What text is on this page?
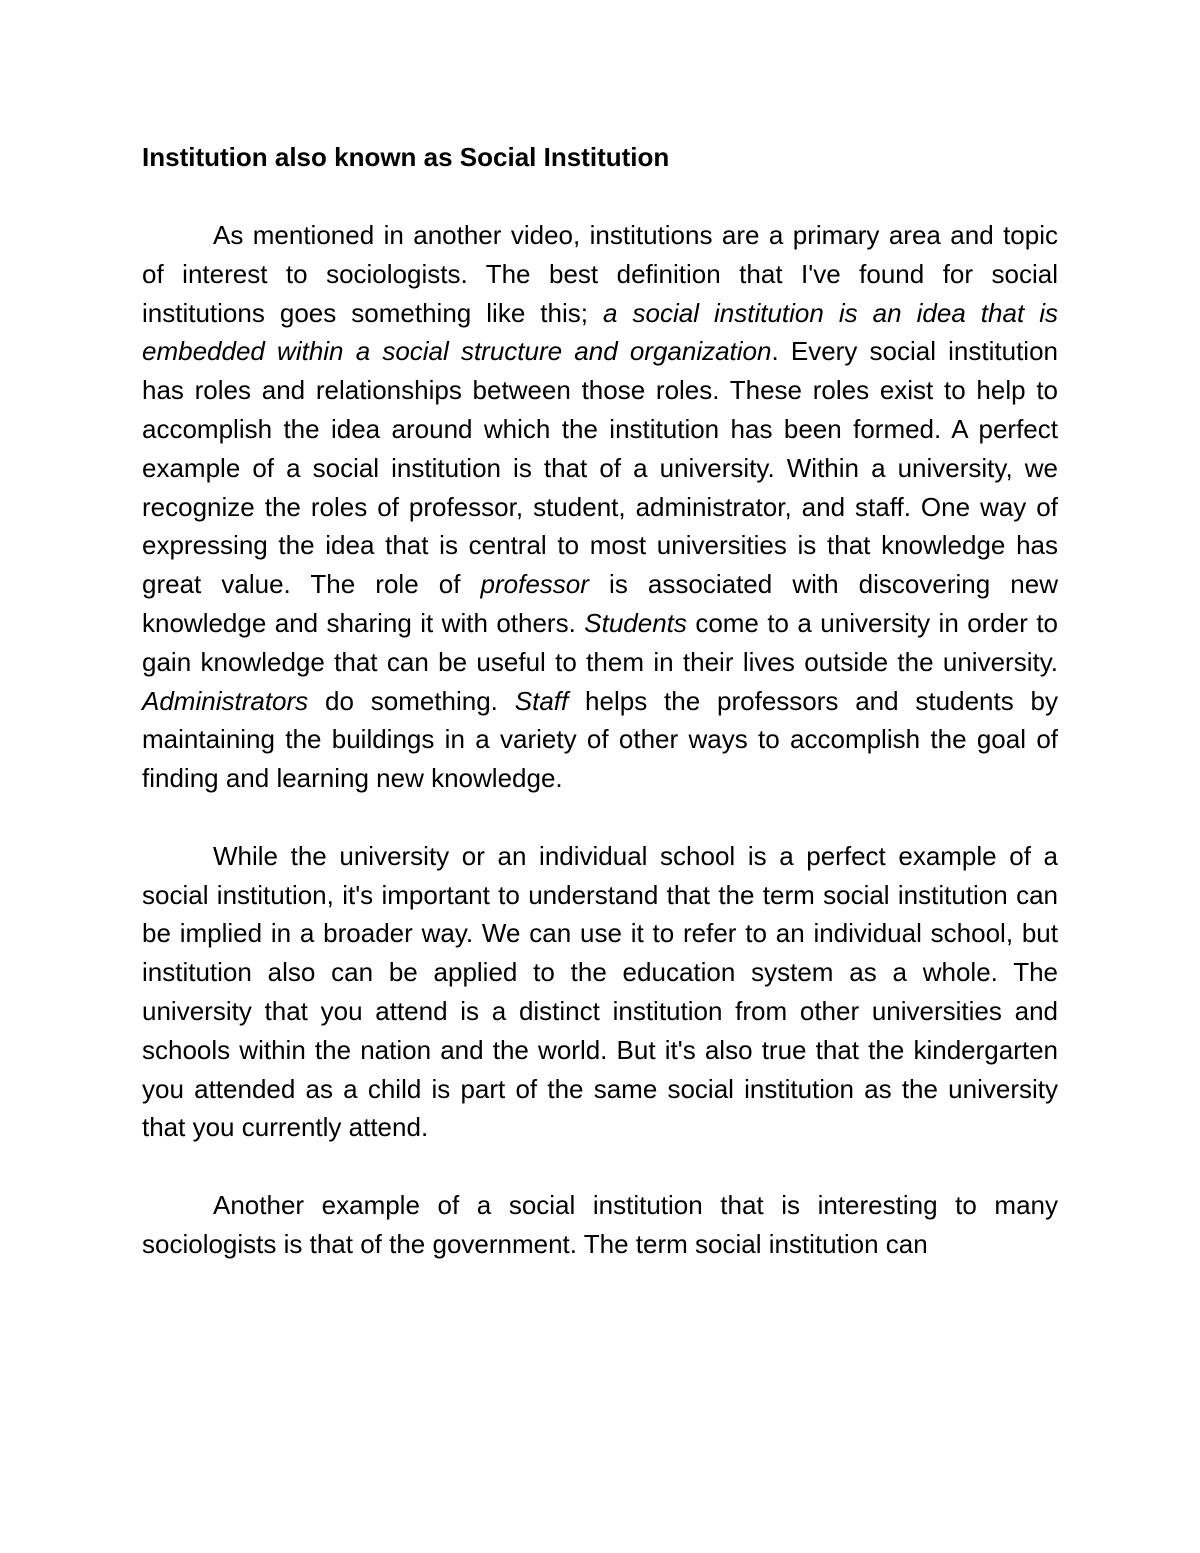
Institution also known as Social Institution

As mentioned in another video, institutions are a primary area and topic of interest to sociologists. The best definition that I've found for social institutions goes something like this; a social institution is an idea that is embedded within a social structure and organization. Every social institution has roles and relationships between those roles. These roles exist to help to accomplish the idea around which the institution has been formed. A perfect example of a social institution is that of a university. Within a university, we recognize the roles of professor, student, administrator, and staff. One way of expressing the idea that is central to most universities is that knowledge has great value. The role of professor is associated with discovering new knowledge and sharing it with others. Students come to a university in order to gain knowledge that can be useful to them in their lives outside the university. Administrators do something. Staff helps the professors and students by maintaining the buildings in a variety of other ways to accomplish the goal of finding and learning new knowledge.

While the university or an individual school is a perfect example of a social institution, it's important to understand that the term social institution can be implied in a broader way. We can use it to refer to an individual school, but institution also can be applied to the education system as a whole. The university that you attend is a distinct institution from other universities and schools within the nation and the world. But it's also true that the kindergarten you attended as a child is part of the same social institution as the university that you currently attend.

Another example of a social institution that is interesting to many sociologists is that of the government. The term social institution can
